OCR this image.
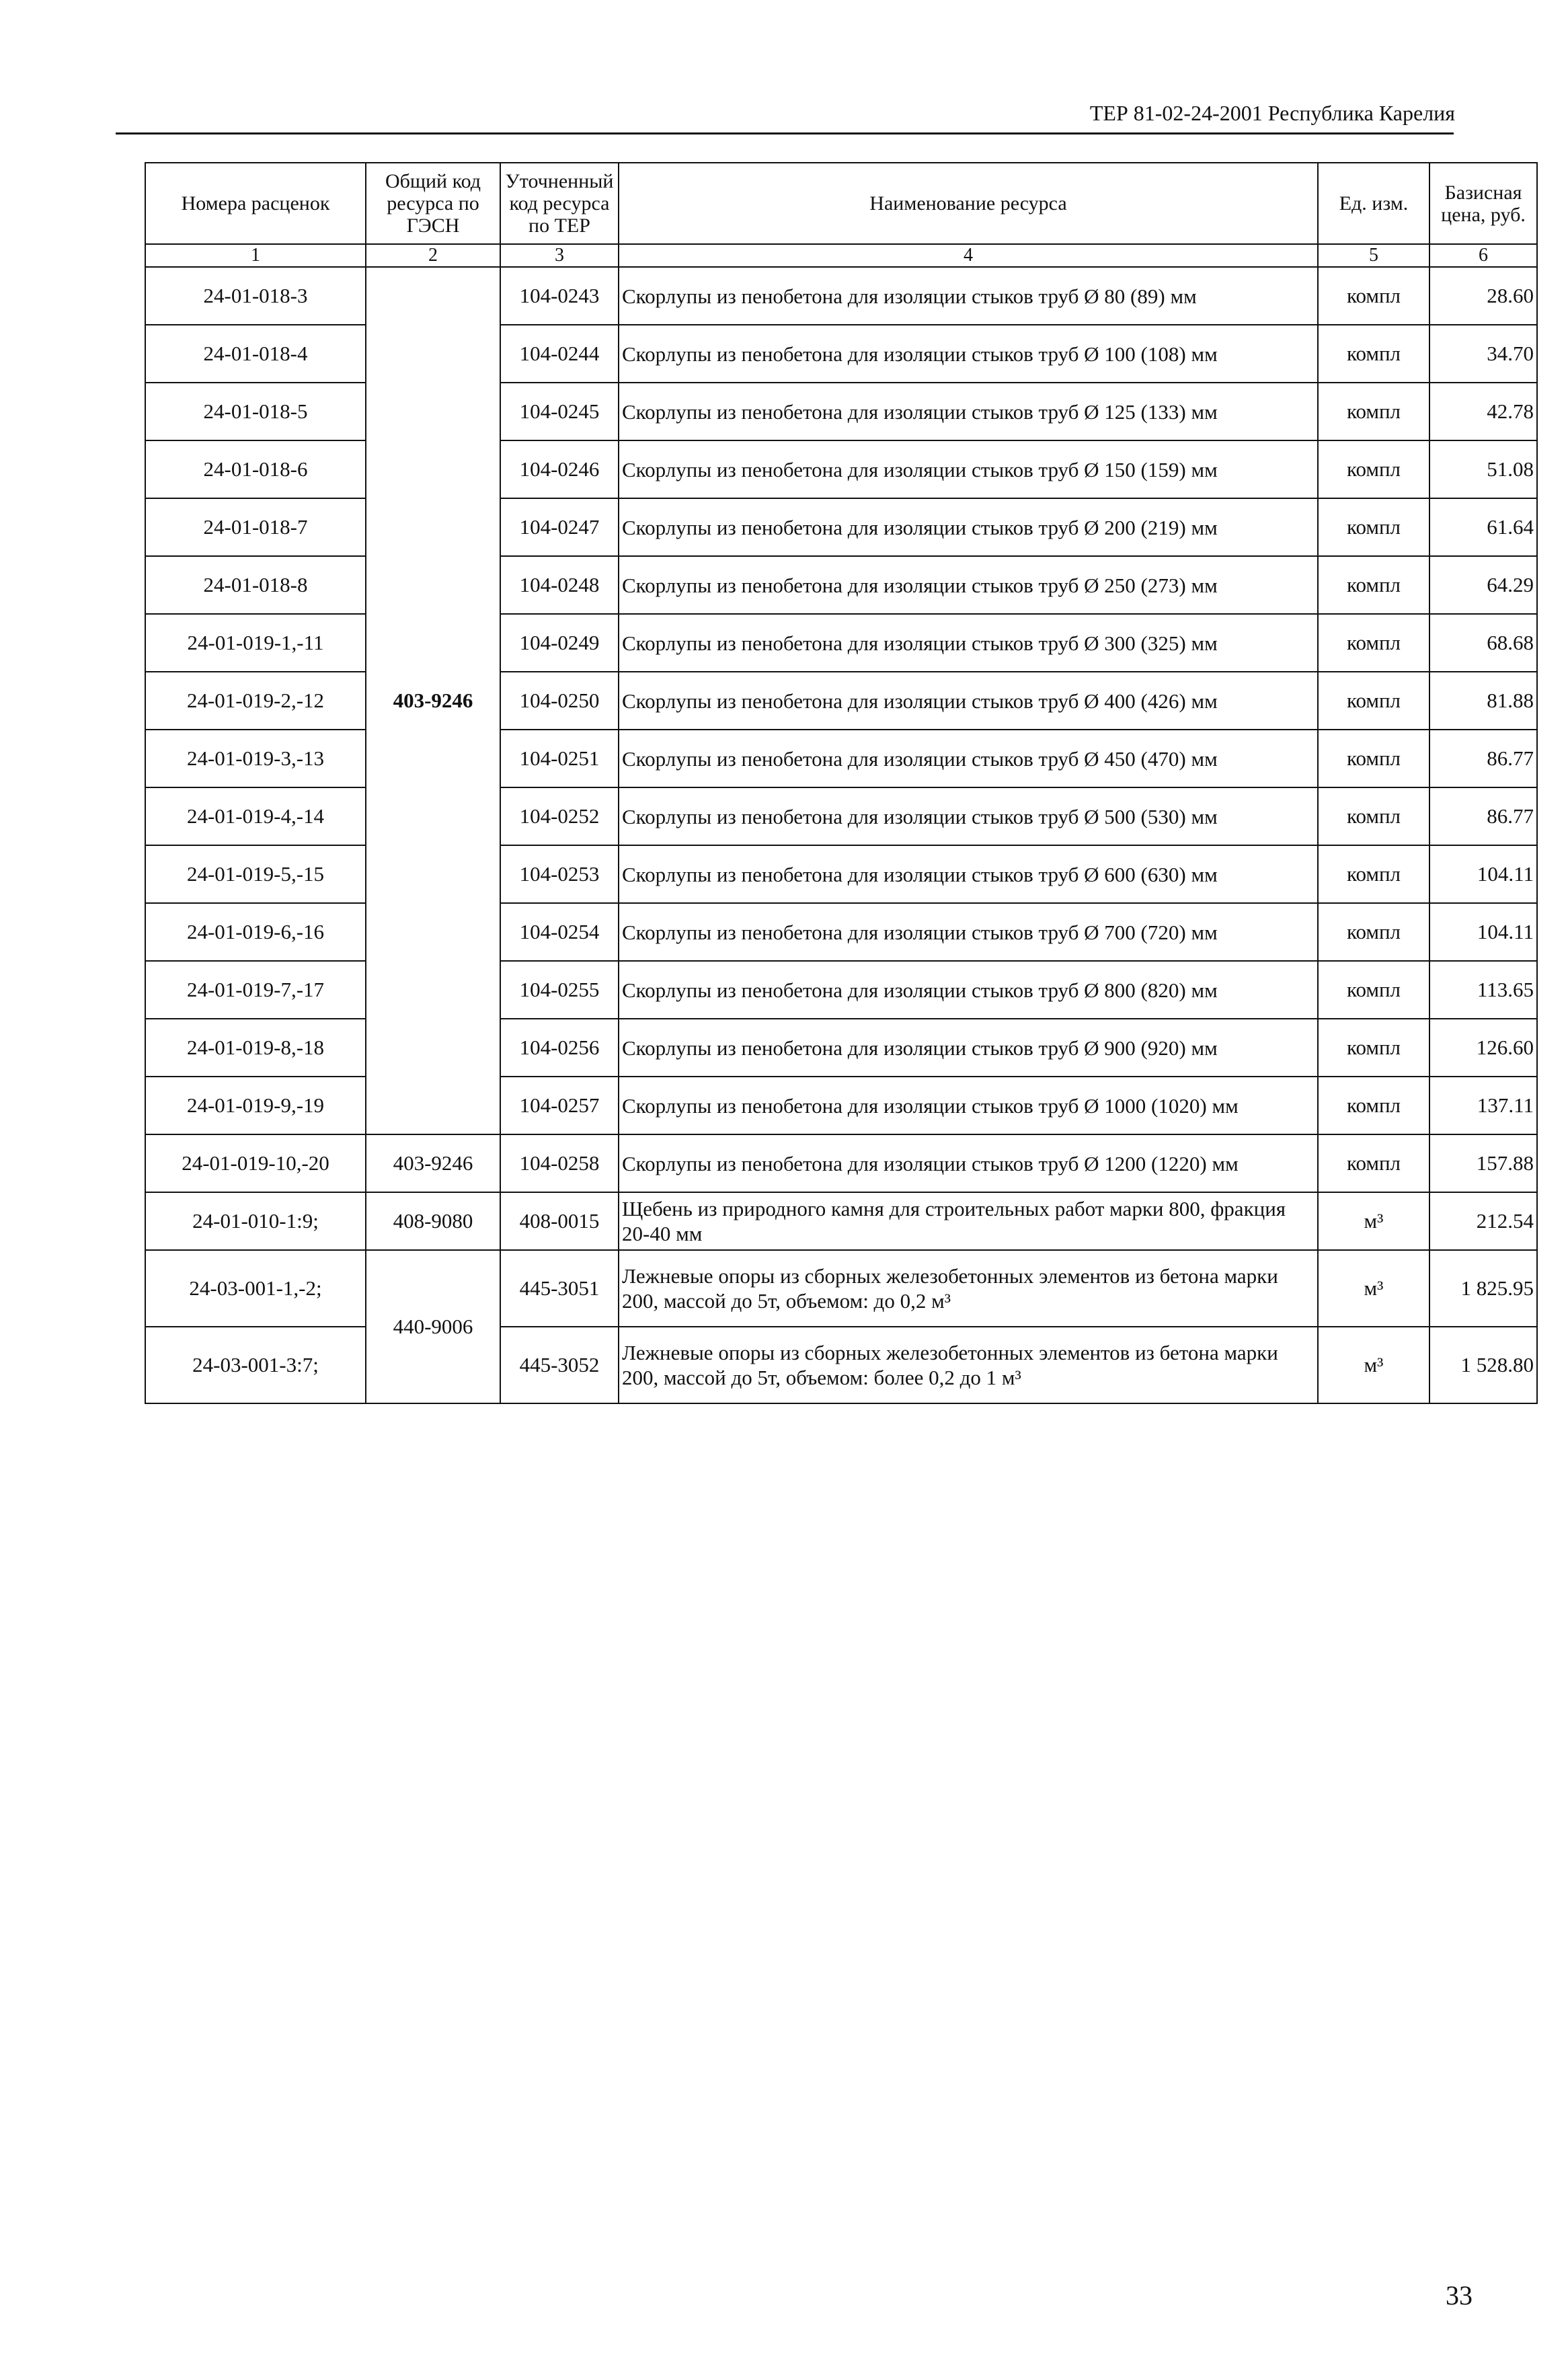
ТЕР 81-02-24-2001 Республика Карелия
Номера расценок	Общий код ресурса по ГЭСН	Уточненный код ресурса по ТЕР	Наименование ресурса	Ед. изм.	Базисная цена, руб.
1	2	3	4	5	6
24-01-018-3	403-9246	104-0243	Скорлупы из пенобетона для изоляции стыков труб Ø 80 (89) мм	компл	28.60
24-01-018-4		104-0244	Скорлупы из пенобетона для изоляции стыков труб Ø 100 (108) мм	компл	34.70
24-01-018-5		104-0245	Скорлупы из пенобетона для изоляции стыков труб Ø 125 (133) мм	компл	42.78
24-01-018-6		104-0246	Скорлупы из пенобетона для изоляции стыков труб Ø 150 (159) мм	компл	51.08
24-01-018-7		104-0247	Скорлупы из пенобетона для изоляции стыков труб Ø 200 (219) мм	компл	61.64
24-01-018-8		104-0248	Скорлупы из пенобетона для изоляции стыков труб Ø 250 (273) мм	компл	64.29
24-01-019-1,-11		104-0249	Скорлупы из пенобетона для изоляции стыков труб Ø 300 (325) мм	компл	68.68
24-01-019-2,-12		104-0250	Скорлупы из пенобетона для изоляции стыков труб Ø 400 (426) мм	компл	81.88
24-01-019-3,-13		104-0251	Скорлупы из пенобетона для изоляции стыков труб Ø 450 (470) мм	компл	86.77
24-01-019-4,-14		104-0252	Скорлупы из пенобетона для изоляции стыков труб Ø 500 (530) мм	компл	86.77
24-01-019-5,-15		104-0253	Скорлупы из пенобетона для изоляции стыков труб Ø 600 (630) мм	компл	104.11
24-01-019-6,-16		104-0254	Скорлупы из пенобетона для изоляции стыков труб Ø 700 (720) мм	компл	104.11
24-01-019-7,-17		104-0255	Скорлупы из пенобетона для изоляции стыков труб Ø 800 (820) мм	компл	113.65
24-01-019-8,-18		104-0256	Скорлупы из пенобетона для изоляции стыков труб Ø 900 (920) мм	компл	126.60
24-01-019-9,-19		104-0257	Скорлупы из пенобетона для изоляции стыков труб Ø 1000 (1020) мм	компл	137.11
24-01-019-10,-20	403-9246	104-0258	Скорлупы из пенобетона для изоляции стыков труб Ø 1200 (1220) мм	компл	157.88
24-01-010-1:9;	408-9080	408-0015	Щебень из природного камня для строительных работ марки 800, фракция 20-40 мм	м³	212.54
24-03-001-1,-2;	440-9006	445-3051	Лежневые опоры из сборных железобетонных элементов из бетона марки 200, массой до 5т, объемом: до 0,2 м³	м³	1 825.95
24-03-001-3:7;		445-3052	Лежневые опоры из сборных железобетонных элементов из бетона марки 200, массой до 5т, объемом: более 0,2 до 1 м³	м³	1 528.80
33
